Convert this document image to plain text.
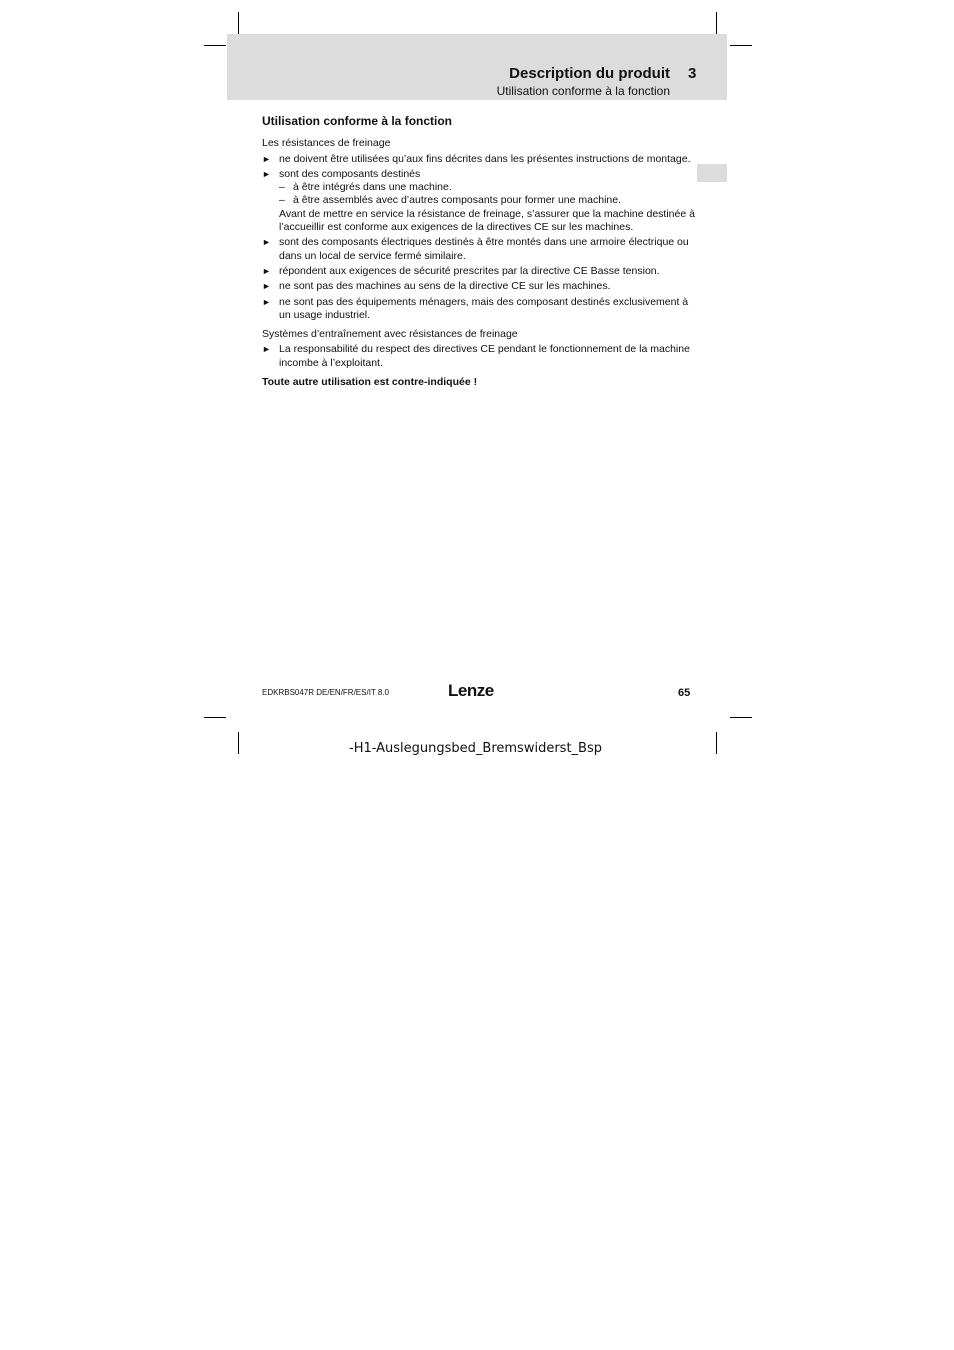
Description du produit 3
Utilisation conforme à la fonction
Utilisation conforme à la fonction
Les résistances de freinage
► ne doivent être utilisées qu’aux fins décrites dans les présentes instructions de montage.
► sont des composants destinés
– à être intégrés dans une machine.
– à être assemblés avec d’autres composants pour former une machine.
Avant de mettre en service la résistance de freinage, s’assurer que la machine destinée à l’accueillir est conforme aux exigences de la directives CE sur les machines.
► sont des composants électriques destinés à être montés dans une armoire électrique ou dans un local de service fermé similaire.
► répondent aux exigences de sécurité prescrites par la directive CE Basse tension.
► ne sont pas des machines au sens de la directive CE sur les machines.
► ne sont pas des équipements ménagers, mais des composant destinés exclusivement à un usage industriel.
Systèmes d’entraînement avec résistances de freinage
► La responsabilité du respect des directives CE pendant le fonctionnement de la machine incombe à l’exploitant.
Toute autre utilisation est contre-indiquée !
EDKRBS047R DE/EN/FR/ES/IT 8.0	Lenze	65
-H1-Auslegungsbed_Bremswiderst_Bsp
